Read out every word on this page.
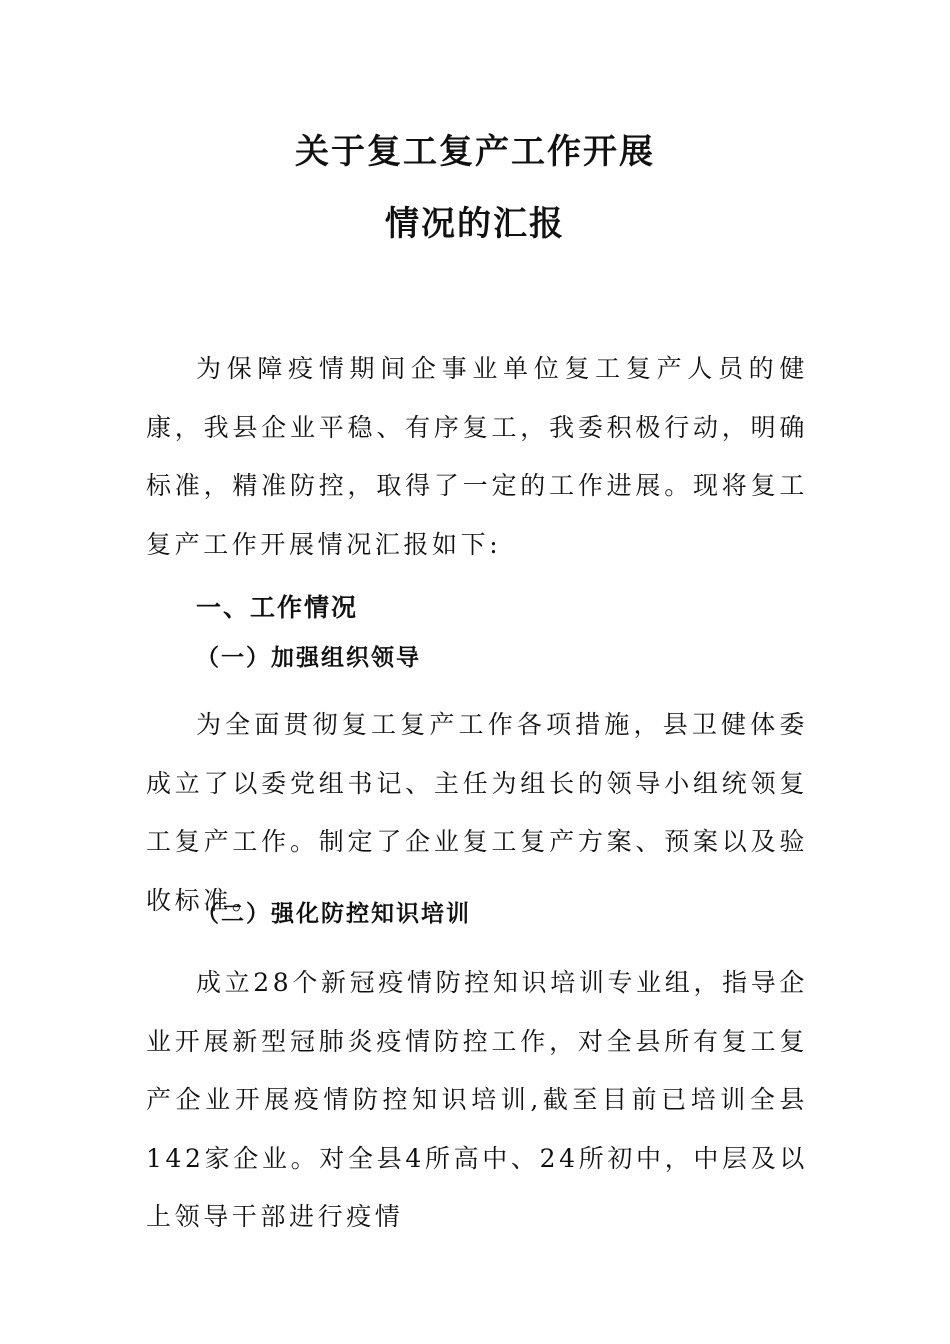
关于复工复产工作开展
情况的汇报

为保障疫情期间企事业单位复工复产人员的健康，我县企业平稳、有序复工，我委积极行动，明确标准，精准防控，取得了一定的工作进展。现将复工复产工作开展情况汇报如下:

一、工作情况
（一）加强组织领导

为全面贯彻复工复产工作各项措施，县卫健体委成立了以委党组书记、主任为组长的领导小组统领复工复产工作。制定了企业复工复产方案、预案以及验收标准。

（二）强化防控知识培训

成立28个新冠疫情防控知识培训专业组，指导企业开展新型冠肺炎疫情防控工作，对全县所有复工复产企业开展疫情防控知识培训,截至目前已培训全县142家企业。对全县4所高中、24所初中，中层及以上领导干部进行疫情
